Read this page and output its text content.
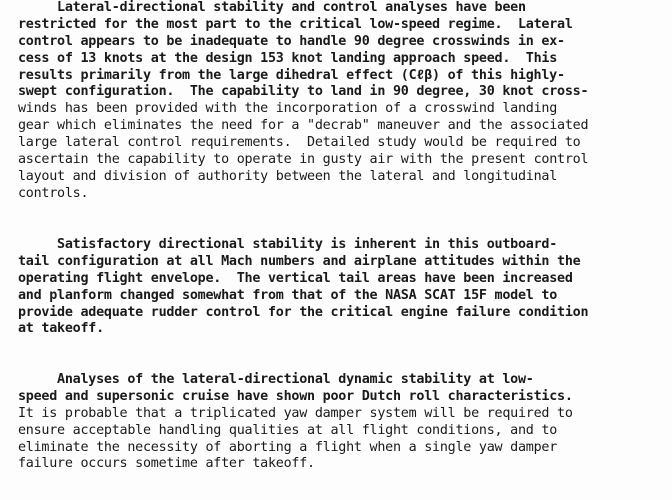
Lateral-directional stability and control analyses have been
restricted for the most part to the critical low-speed regime.  Lateral
control appears to be inadequate to handle 90 degree crosswinds in ex-
cess of 13 knots at the design 153 knot landing approach speed.  This
results primarily from the large dihedral effect (Cℓβ) of this highly-
swept configuration.  The capability to land in 90 degree, 30 knot cross-
winds has been provided with the incorporation of a crosswind landing
gear which eliminates the need for a "decrab" maneuver and the associated
large lateral control requirements.  Detailed study would be required to
ascertain the capability to operate in gusty air with the present control
layout and division of authority between the lateral and longitudinal
controls.
Satisfactory directional stability is inherent in this outboard-
tail configuration at all Mach numbers and airplane attitudes within the
operating flight envelope.  The vertical tail areas have been increased
and planform changed somewhat from that of the NASA SCAT 15F model to
provide adequate rudder control for the critical engine failure condition
at takeoff.
Analyses of the lateral-directional dynamic stability at low-
speed and supersonic cruise have shown poor Dutch roll characteristics.
It is probable that a triplicated yaw damper system will be required to
ensure acceptable handling qualities at all flight conditions, and to
eliminate the necessity of aborting a flight when a single yaw damper
failure occurs sometime after takeoff.
